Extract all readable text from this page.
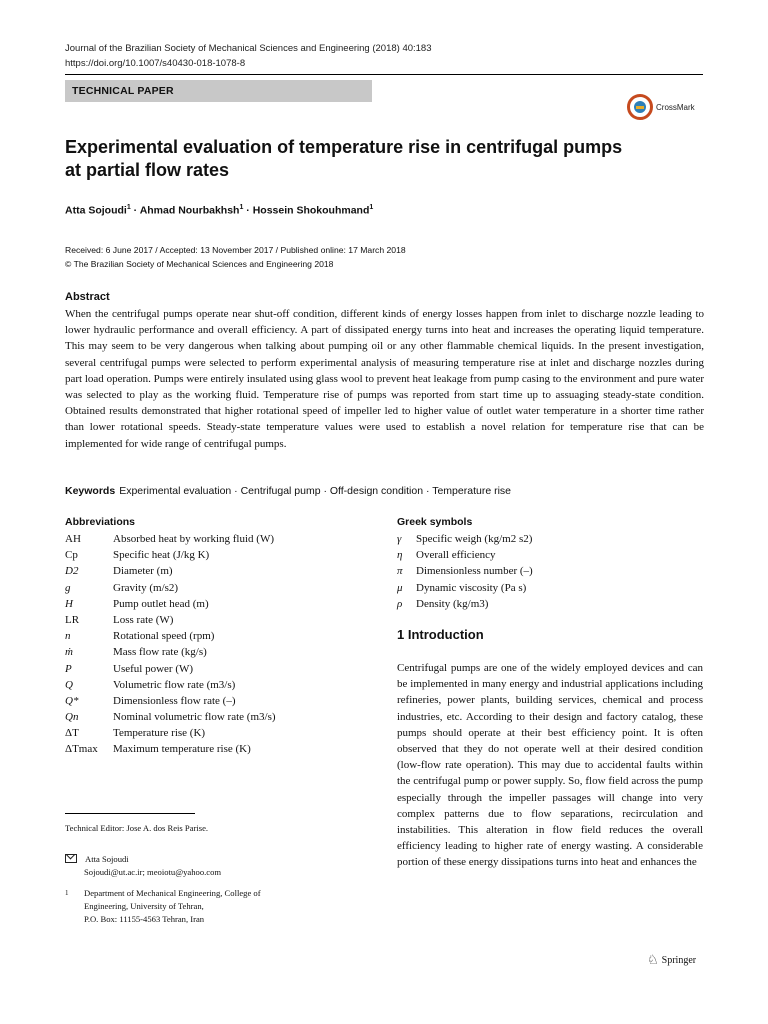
Journal of the Brazilian Society of Mechanical Sciences and Engineering (2018) 40:183
https://doi.org/10.1007/s40430-018-1078-8
TECHNICAL PAPER
CrossMark
Experimental evaluation of temperature rise in centrifugal pumps
at partial flow rates
Atta Sojoudi$^1$ · Ahmad Nourbakhsh$^1$ · Hossein Shokouhmand$^1$
Received: 6 June 2017 / Accepted: 13 November 2017 / Published online: 17 March 2018
© The Brazilian Society of Mechanical Sciences and Engineering 2018
Abstract
When the centrifugal pumps operate near shut-off condition, different kinds of energy losses happen from inlet to discharge nozzle leading to lower hydraulic performance and overall efficiency. A part of dissipated energy turns into heat and increases the operating liquid temperature. This may seem to be very dangerous when talking about pumping oil or any other flammable chemical liquids. In the present investigation, several centrifugal pumps were selected to perform experimental analysis of measuring temperature rise at inlet and discharge nozzles during part load operation. Pumps were entirely insulated using glass wool to prevent heat leakage from pump casing to the environment and pure water was selected to play as the working fluid. Temperature rise of pumps was reported from start time up to assuaging steady-state condition. Obtained results demonstrated that higher rotational speed of impeller led to higher value of outlet water temperature in a shorter time rather than lower rotational speeds. Steady-state temperature values were used to establish a novel relation for temperature rise that can be implemented for wide range of centrifugal pumps.
Keywords Experimental evaluation · Centrifugal pump · Off-design condition · Temperature rise
Abbreviations
AH	Absorbed heat by working fluid (W)
Cp	Specific heat (J/kg K)
D2	Diameter (m)
g	Gravity (m/s2)
H	Pump outlet head (m)
LR	Loss rate (W)
n	Rotational speed (rpm)
ṁ	Mass flow rate (kg/s)
P	Useful power (W)
Q	Volumetric flow rate (m3/s)
Q*	Dimensionless flow rate (–)
Qn	Nominal volumetric flow rate (m3/s)
ΔT	Temperature rise (K)
ΔTmax	Maximum temperature rise (K)
Greek symbols
γ	Specific weigh (kg/m2 s2)
η	Overall efficiency
π	Dimensionless number (–)
μ	Dynamic viscosity (Pa s)
ρ	Density (kg/m3)
1 Introduction
Centrifugal pumps are one of the widely employed devices and can be implemented in many energy and industrial applications including refineries, power plants, building services, chemical and process industries, etc. According to their design and factory catalog, these pumps should operate at their best efficiency point. It is often observed that they do not operate well at their desired condition (low-flow rate operation). This may due to accidental faults within the centrifugal pump or power supply. So, flow field across the pump especially through the impeller passages will change into very complex patterns due to flow separations, recirculation and instabilities. This alteration in flow field reduces the overall efficiency leading to higher rate of energy wasting. A considerable portion of these energy dissipations turns into heat and enhances the
Technical Editor: Jose A. dos Reis Parise.
Atta Sojoudi
Sojoudi@ut.ac.ir; meoiotu@yahoo.com
1 Department of Mechanical Engineering, College of
Engineering, University of Tehran,
P.O. Box: 11155-4563 Tehran, Iran
♘ Springer
